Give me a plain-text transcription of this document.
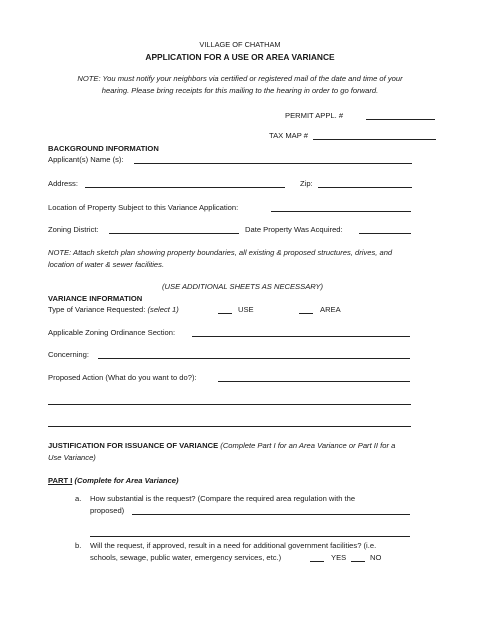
VILLAGE OF CHATHAM
APPLICATION FOR A USE OR AREA VARIANCE
NOTE: You must notify your neighbors via certified or registered mail of the date and time of your
hearing. Please bring receipts for this mailing to the hearing in order to go forward.
PERMIT APPL. #
TAX MAP #
BACKGROUND INFORMATION
Applicant(s) Name (s):
Address:	Zip:
Location of Property Subject to this Variance Application:
Zoning District:	Date Property Was Acquired:
NOTE: Attach sketch plan showing property boundaries, all existing & proposed structures, drives, and
location of water & sewer facilities.
(USE ADDITIONAL SHEETS AS NECESSARY)
VARIANCE INFORMATION
Type of Variance Requested: (select 1)	USE	AREA
Applicable Zoning Ordinance Section:
Concerning:
Proposed Action (What do you want to do?):
JUSTIFICATION FOR ISSUANCE OF VARIANCE (Complete Part I for an Area Variance or Part II for a
Use Variance)
PART I (Complete for Area Variance)
a. How substantial is the request? (Compare the required area regulation with the
proposed)
b. Will the request, if approved, result in a need for additional government facilities? (i.e.
schools, sewage, public water, emergency services, etc.)	YES	NO
